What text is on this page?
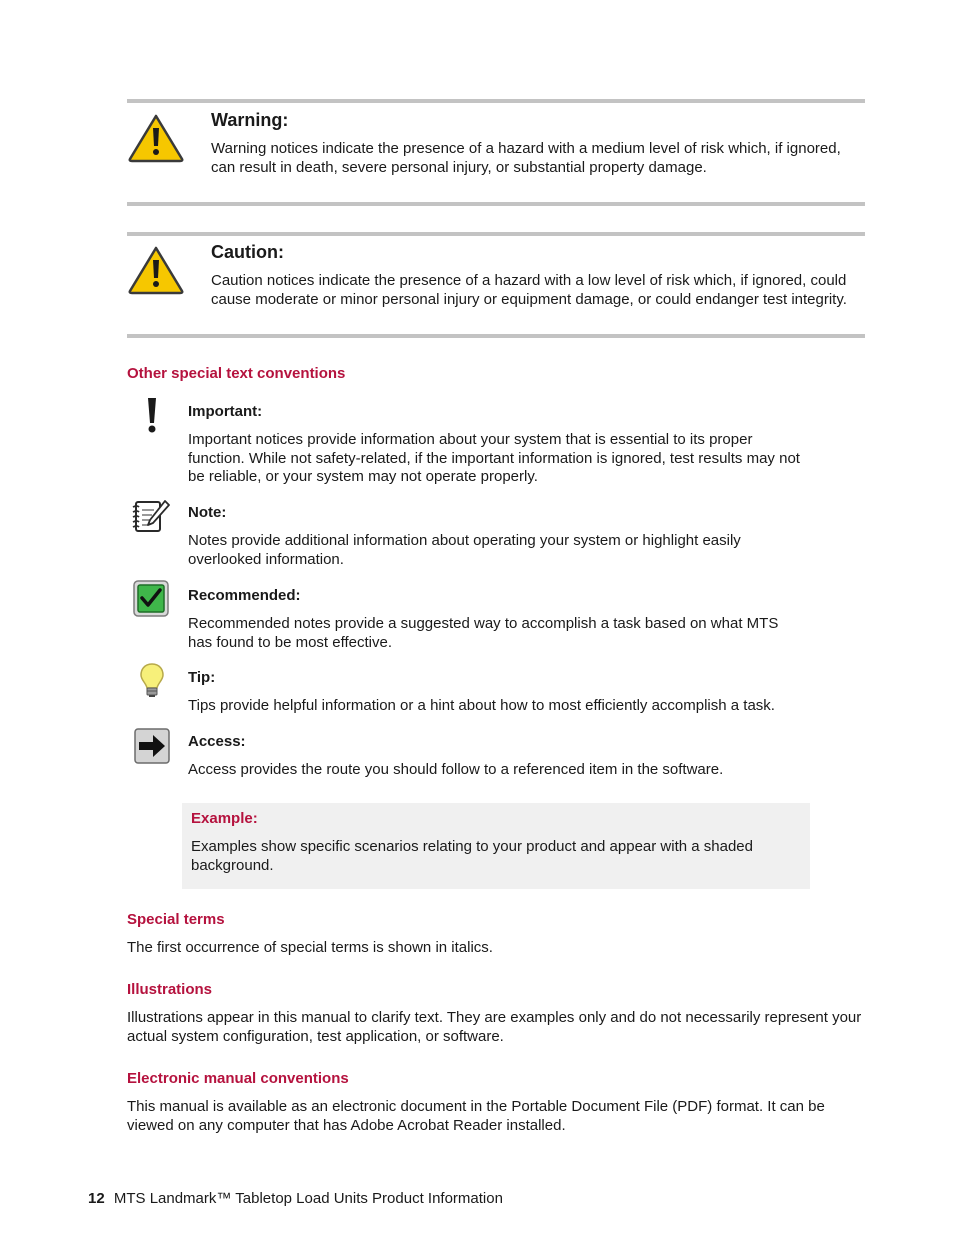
Warning:
Warning notices indicate the presence of a hazard with a medium level of risk which, if ignored, can result in death, severe personal injury, or substantial property damage.
Caution:
Caution notices indicate the presence of a hazard with a low level of risk which, if ignored, could cause moderate or minor personal injury or equipment damage, or could endanger test integrity.
Other special text conventions
Important:
Important notices provide information about your system that is essential to its proper function. While not safety-related, if the important information is ignored, test results may not be reliable, or your system may not operate properly.
Note:
Notes provide additional information about operating your system or highlight easily overlooked information.
Recommended:
Recommended notes provide a suggested way to accomplish a task based on what MTS has found to be most effective.
Tip:
Tips provide helpful information or a hint about how to most efficiently accomplish a task.
Access:
Access provides the route you should follow to a referenced item in the software.
Example:
Examples show specific scenarios relating to your product and appear with a shaded background.
Special terms
The first occurrence of special terms is shown in italics.
Illustrations
Illustrations appear in this manual to clarify text. They are examples only and do not necessarily represent your actual system configuration, test application, or software.
Electronic manual conventions
This manual is available as an electronic document in the Portable Document File (PDF) format. It can be viewed on any computer that has Adobe Acrobat Reader installed.
12 MTS Landmark™ Tabletop Load Units Product Information
